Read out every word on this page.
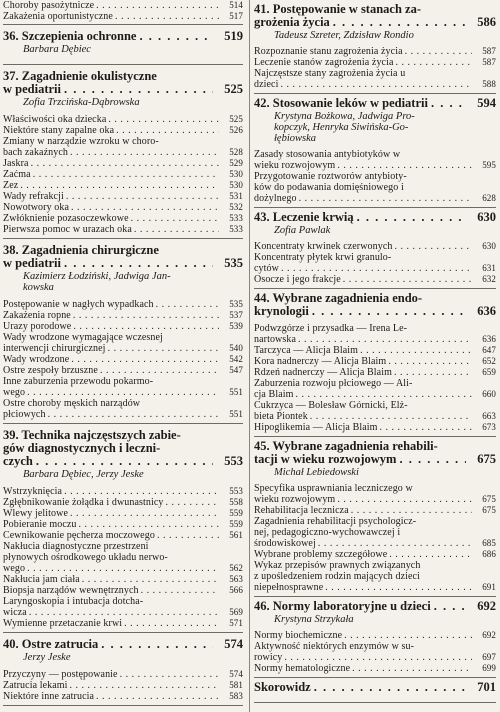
Choroby pasożytnicze . . .	514
Zakażenia oportunistyczne . . .	517
36. Szczepienia ochronne . . .	519
Barbara Dębiec
37. Zagadnienie okulistyczne
w pediatrii . . .	525
Zofia Trzcińska-Dąbrowska
Właściwości oka dziecka . . .	525
Niektóre stany zapalne oka . . .	526
Zmiany w narządzie wzroku w choro-
bach zakaźnych . . .	528
Jaskra . . .	529
Zaćma . . .	530
Zez . . .	530
Wady refrakcji . . .	531
Nowotwory oka . . .	532
Zwłóknienie pozasoczewkowe . . .	533
Pierwsza pomoc w urazach oka . . .	533
38. Zagadnienia chirurgiczne
w pediatrii . . .	535
Kazimierz Łodziński, Jadwiga Jan-
kowska
Postępowanie w nagłych wypadkach . . .	535
Zakażenia ropne . . .	537
Urazy porodowe . . .	539
Wady wrodzone wymagające wczesnej
interwencji chirurgicznej . . .	540
Wady wrodzone . . .	542
Ostre zespoły brzuszne . . .	547
Inne zaburzenia przewodu pokarmo-
wego . . .	551
Ostre choroby męskich narządów
płciowych . . .	551
39. Technika najczęstszych zabie-
gów diagnostycznych i leczni-
czych . . .	553
Barbara Dębiec, Jerzy Jeske
Wstrzyknięcia . . .	553
Zgłębnikowanie żołądka i dwunastnicy . . .	558
Wlewy jelitowe . . .	559
Pobieranie moczu . . .	559
Cewnikowanie pęcherza moczowego . . .	561
Nakłucia diagnostyczne przestrzeni
płynowych ośrodkowego układu nerwo-
wego . . .	562
Nakłucia jam ciała . . .	563
Biopsja narządów wewnętrznych . . .	566
Laryngoskopia i intubacja dotcha-
wicza . . .	569
Wymienne przetaczanie krwi . . .	571
40. Ostre zatrucia . . .	574
Jerzy Jeske
Przyczyny — postępowanie . . .	574
Zatrucia lekami . . .	581
Niektóre inne zatrucia . . .	583
41. Postępowanie w stanach za-
grożenia życia . . .	586
Tadeusz Szreter, Zdzisław Rondio
Rozpoznanie stanu zagrożenia życia . . .	587
Leczenie stanów zagrożenia życia . . .	587
Najczęstsze stany zagrożenia życia u
dzieci . . .	588
42. Stosowanie leków w pediatrii . . .	594
Krystyna Bożkowa, Jadwiga Pro-
kopczyk, Henryka Siwińska-Go-
łębiowska
Zasady stosowania antybiotyków w
wieku rozwojowym . . .	595
Przygotowanie roztworów antybioty-
ków do podawania domięśniowego i
dożylnego . . .	628
43. Leczenie krwią . . .	630
Zofia Pawlak
Koncentraty krwinek czerwonych . . .	630
Koncentraty płytek krwi granulo-
cytów . . .	631
Osocze i jego frakcje . . .	632
44. Wybrane zagadnienia endo-
krynologii . . .	636
Podwzgórze i przysadka — Irena Le-
nartowska . . .	636
Tarczyca — Alicja Blaim . . .	647
Kora nadnerczy — Alicja Blaim . . .	652
Rdzeń nadnerczy — Alicja Blaim . . .	659
Zaburzenia rozwoju płciowego — Ali-
cja Blaim . . .	660
Cukrzyca — Bolesław Górnicki, Elż-
bieta Piontek . . .	663
Hipoglikemia — Alicja Blaim . . .	673
45. Wybrane zagadnienia rehabili-
tacji w wieku rozwojowym . . .	675
Michał Lebiedowski
Specyfika usprawniania leczniczego w
wieku rozwojowym . . .	675
Rehabilitacja lecznicza . . .	675
Zagadnienia rehabilitacji psychologicz-
nej, pedagogiczno-wychowawczej i
środowiskowej . . .	685
Wybrane problemy szczegółowe . . .	686
Wykaz przepisów prawnych związanych
z upośledzeniem rodzin mających dzieci
niepełnosprawne . . .	691
46. Normy laboratoryjne u dzieci . . .	692
Krystyna Strzykała
Normy biochemiczne . . .	692
Aktywność niektórych enzymów w su-
rowicy . . .	697
Normy hematologiczne . . .	699
Skorowidz . . .	701
